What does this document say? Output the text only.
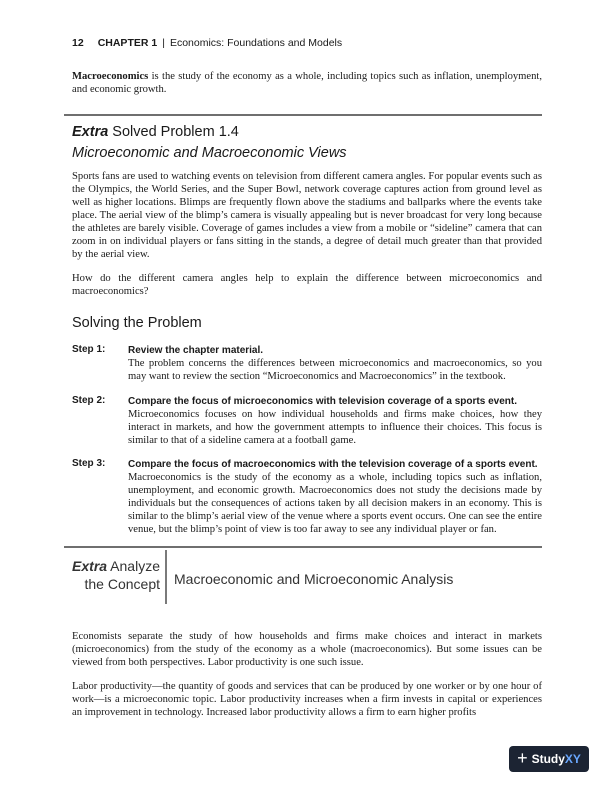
12 CHAPTER 1 | Economics: Foundations and Models
Macroeconomics is the study of the economy as a whole, including topics such as inflation, unemployment, and economic growth.
Extra Solved Problem 1.4
Microeconomic and Macroeconomic Views
Sports fans are used to watching events on television from different camera angles. For popular events such as the Olympics, the World Series, and the Super Bowl, network coverage captures action from ground level as well as higher locations. Blimps are frequently flown above the stadiums and ballparks where the events take place. The aerial view of the blimp’s camera is visually appealing but is never broadcast for very long because the athletes are barely visible. Coverage of games includes a view from a mobile or “sideline” camera that can zoom in on individual players or fans sitting in the stands, a degree of detail much greater than that provided by the aerial view.
How do the different camera angles help to explain the difference between microeconomics and macroeconomics?
Solving the Problem
Step 1: Review the chapter material.
The problem concerns the differences between microeconomics and macroeconomics, so you may want to review the section “Microeconomics and Macroeconomics” in the textbook.
Step 2: Compare the focus of microeconomics with television coverage of a sports event.
Microeconomics focuses on how individual households and firms make choices, how they interact in markets, and how the government attempts to influence their choices. This focus is similar to that of a sideline camera at a football game.
Step 3: Compare the focus of macroeconomics with the television coverage of a sports event.
Macroeconomics is the study of the economy as a whole, including topics such as inflation, unemployment, and economic growth. Macroeconomics does not study the decisions made by individuals but the consequences of actions taken by all decision makers in an economy. This is similar to the blimp’s aerial view of the venue where a sports event occurs. One can see the entire venue, but the blimp’s point of view is too far away to see any individual player or fan.
Extra Analyze
the Concept Macroeconomic and Microeconomic Analysis
Economists separate the study of how households and firms make choices and interact in markets (microeconomics) from the study of the economy as a whole (macroeconomics). But some issues can be viewed from both perspectives. Labor productivity is one such issue.
Labor productivity—the quantity of goods and services that can be produced by one worker or by one hour of work—is a microeconomic topic. Labor productivity increases when a firm invests in capital or experiences an improvement in technology. Increased labor productivity allows a firm to earn higher profits
+ StudyXY
